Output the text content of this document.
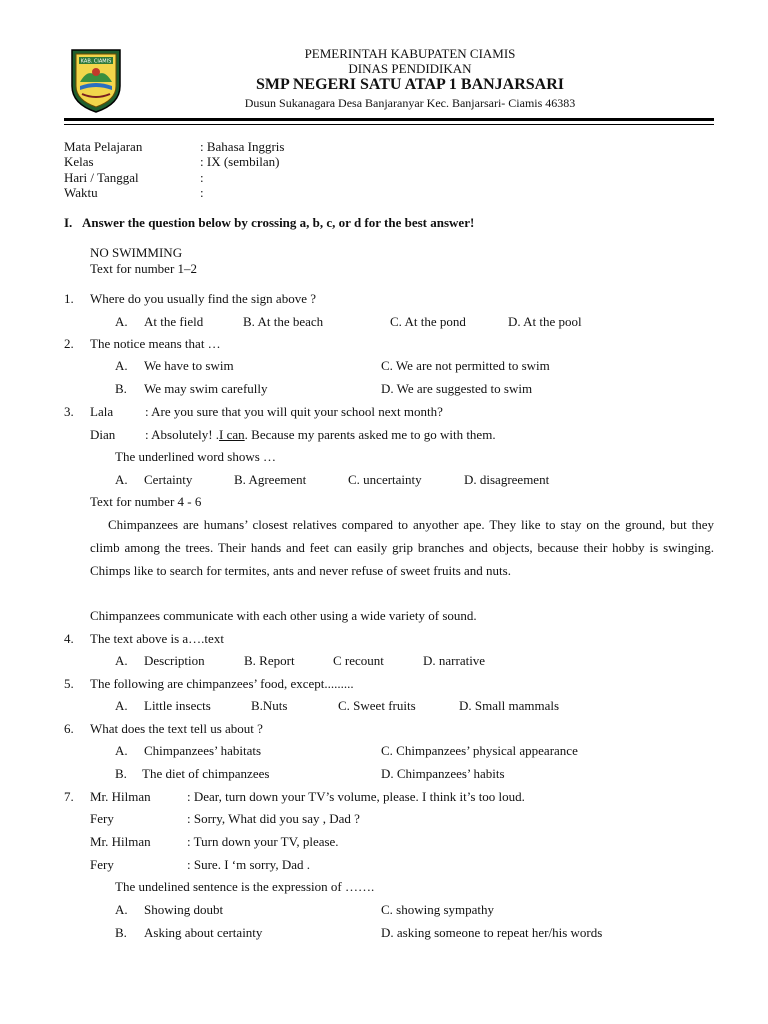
KAB. CIAMIS
PEMERINTAH KABUPATEN CIAMIS
DINAS PENDIDIKAN
SMP NEGERI SATU ATAP 1 BANJARSARI
Dusun Sukanagara Desa Banjaranyar Kec. Banjarsari- Ciamis 46383
Mata Pelajaran	: Bahasa Inggris
Kelas	: IX (sembilan)
Hari / Tanggal	:
Waktu	:
I. Answer the question below by crossing a, b, c, or d for the best answer!
NO SWIMMING
Text for number 1–2
1. Where do you usually find the sign above ?
A. At the field	B. At the beach	C. At the pond	D. At the pool
2. The notice means that …
A. We have to swim	C. We are not permitted to swim
B. We may swim carefully	D. We are suggested to swim
3. Lala : Are you sure that you will quit your school next month?
Dian : Absolutely! .I can. Because my parents asked me to go with them.
The underlined word shows …
A. Certainty	B. Agreement	C. uncertainty	D. disagreement
Text for number 4 - 6
Chimpanzees are humans’ closest relatives compared to anyother ape. They like to stay on the ground, but they climb among the trees. Their hands and feet can easily grip branches and objects, because their hobby is swinging. Chimps like to search for termites, ants and never refuse of sweet fruits and nuts.
Chimpanzees communicate with each other using a wide variety of sound.
4. The text above is a….text
A. Description	B. Report	C recount	D. narrative
5. The following are chimpanzees’ food, except.........
A. Little insects	B.Nuts	C. Sweet fruits	D. Small mammals
6. What does the text tell us about ?
A. Chimpanzees’ habitats	C. Chimpanzees’ physical appearance
B. The diet of chimpanzees	D. Chimpanzees’ habits
7. Mr. Hilman	: Dear, turn down your TV’s volume, please. I think it’s too loud.
Fery	: Sorry, What did you say , Dad ?
Mr. Hilman	: Turn down your TV, please.
Fery	: Sure. I ‘m sorry, Dad .
The undelined sentence is the expression of …….
A. Showing doubt	C. showing sympathy
B. Asking about certainty	D. asking someone to repeat her/his words
